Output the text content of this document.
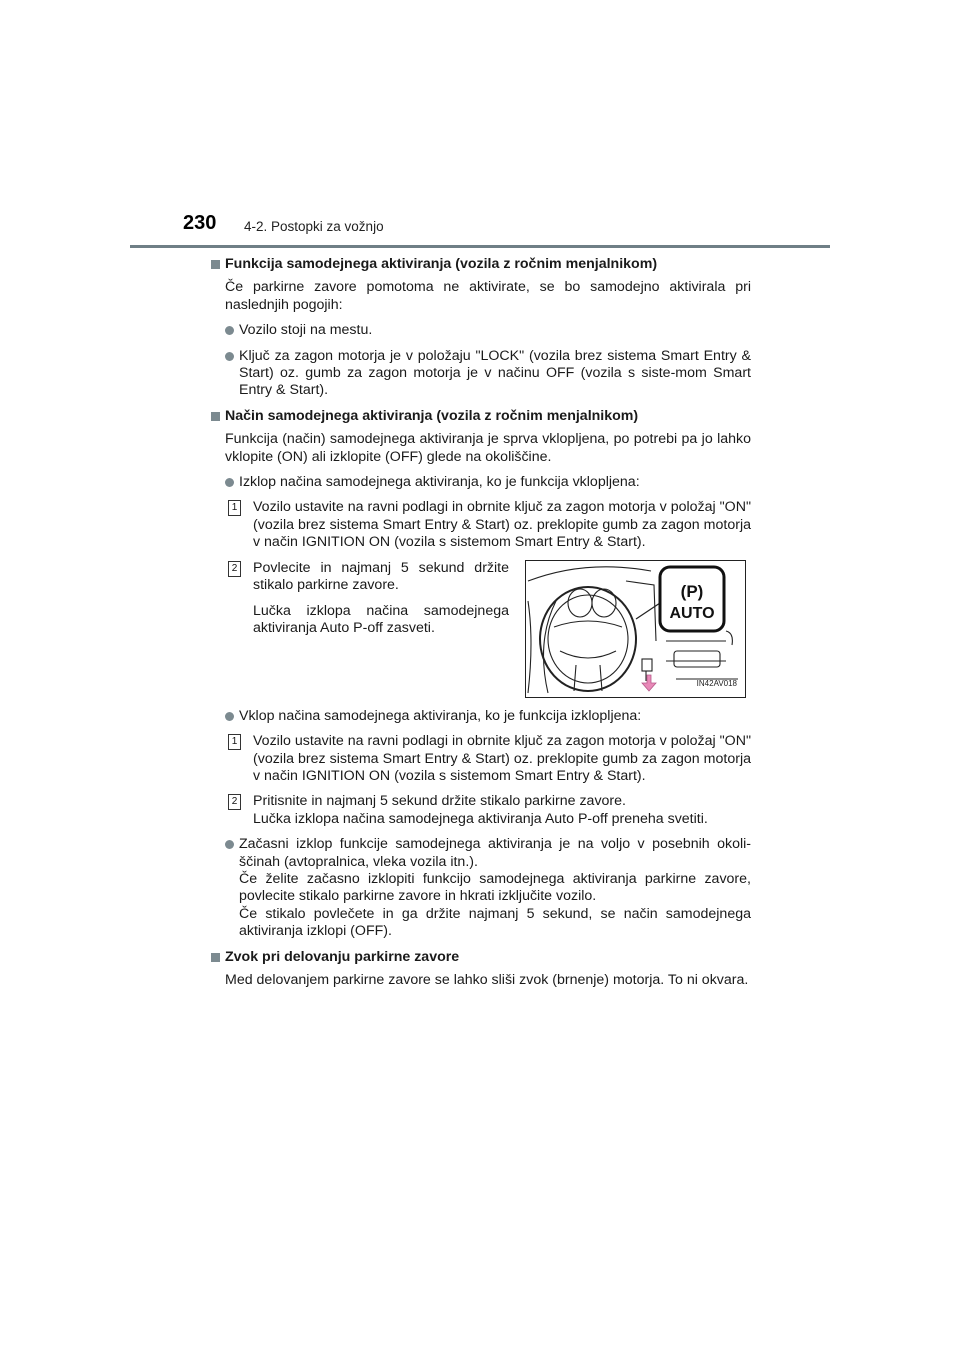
230 4-2. Postopki za vožnjo
Funkcija samodejnega aktiviranja (vozila z ročnim menjalnikom)
Če parkirne zavore pomotoma ne aktivirate, se bo samodejno aktivirala pri naslednjih pogojih:
Vozilo stoji na mestu.
Ključ za zagon motorja je v položaju "LOCK" (vozila brez sistema Smart Entry & Start) oz. gumb za zagon motorja je v načinu OFF (vozila s siste-mom Smart Entry & Start).
Način samodejnega aktiviranja (vozila z ročnim menjalnikom)
Funkcija (način) samodejnega aktiviranja je sprva vklopljena, po potrebi pa jo lahko vklopite (ON) ali izklopite (OFF) glede na okoliščine.
Izklop načina samodejnega aktiviranja, ko je funkcija vklopljena:
1 Vozilo ustavite na ravni podlagi in obrnite ključ za zagon motorja v položaj "ON" (vozila brez sistema Smart Entry & Start) oz. preklopite gumb za zagon motorja v način IGNITION ON (vozila s sistemom Smart Entry & Start).
2 Povlecite in najmanj 5 sekund držite stikalo parkirne zavore.

Lučka izklopa načina samodejnega aktiviranja Auto P-off zasveti.

(P)
AUTO
IN42AV018
Vklop načina samodejnega aktiviranja, ko je funkcija izklopljena:
1 Vozilo ustavite na ravni podlagi in obrnite ključ za zagon motorja v položaj "ON" (vozila brez sistema Smart Entry & Start) oz. preklopite gumb za zagon motorja v način IGNITION ON (vozila s sistemom Smart Entry & Start).
2 Pritisnite in najmanj 5 sekund držite stikalo parkirne zavore.
Lučka izklopa načina samodejnega aktiviranja Auto P-off preneha svetiti.
Začasni izklop funkcije samodejnega aktiviranja je na voljo v posebnih okoli-ščinah (avtopralnica, vleka vozila itn.).
Če želite začasno izklopiti funkcijo samodejnega aktiviranja parkirne zavore, povlecite stikalo parkirne zavore in hkrati izključite vozilo.
Če stikalo povlečete in ga držite najmanj 5 sekund, se način samodejnega aktiviranja izklopi (OFF).
Zvok pri delovanju parkirne zavore
Med delovanjem parkirne zavore se lahko sliši zvok (brnenje) motorja. To ni okvara.
